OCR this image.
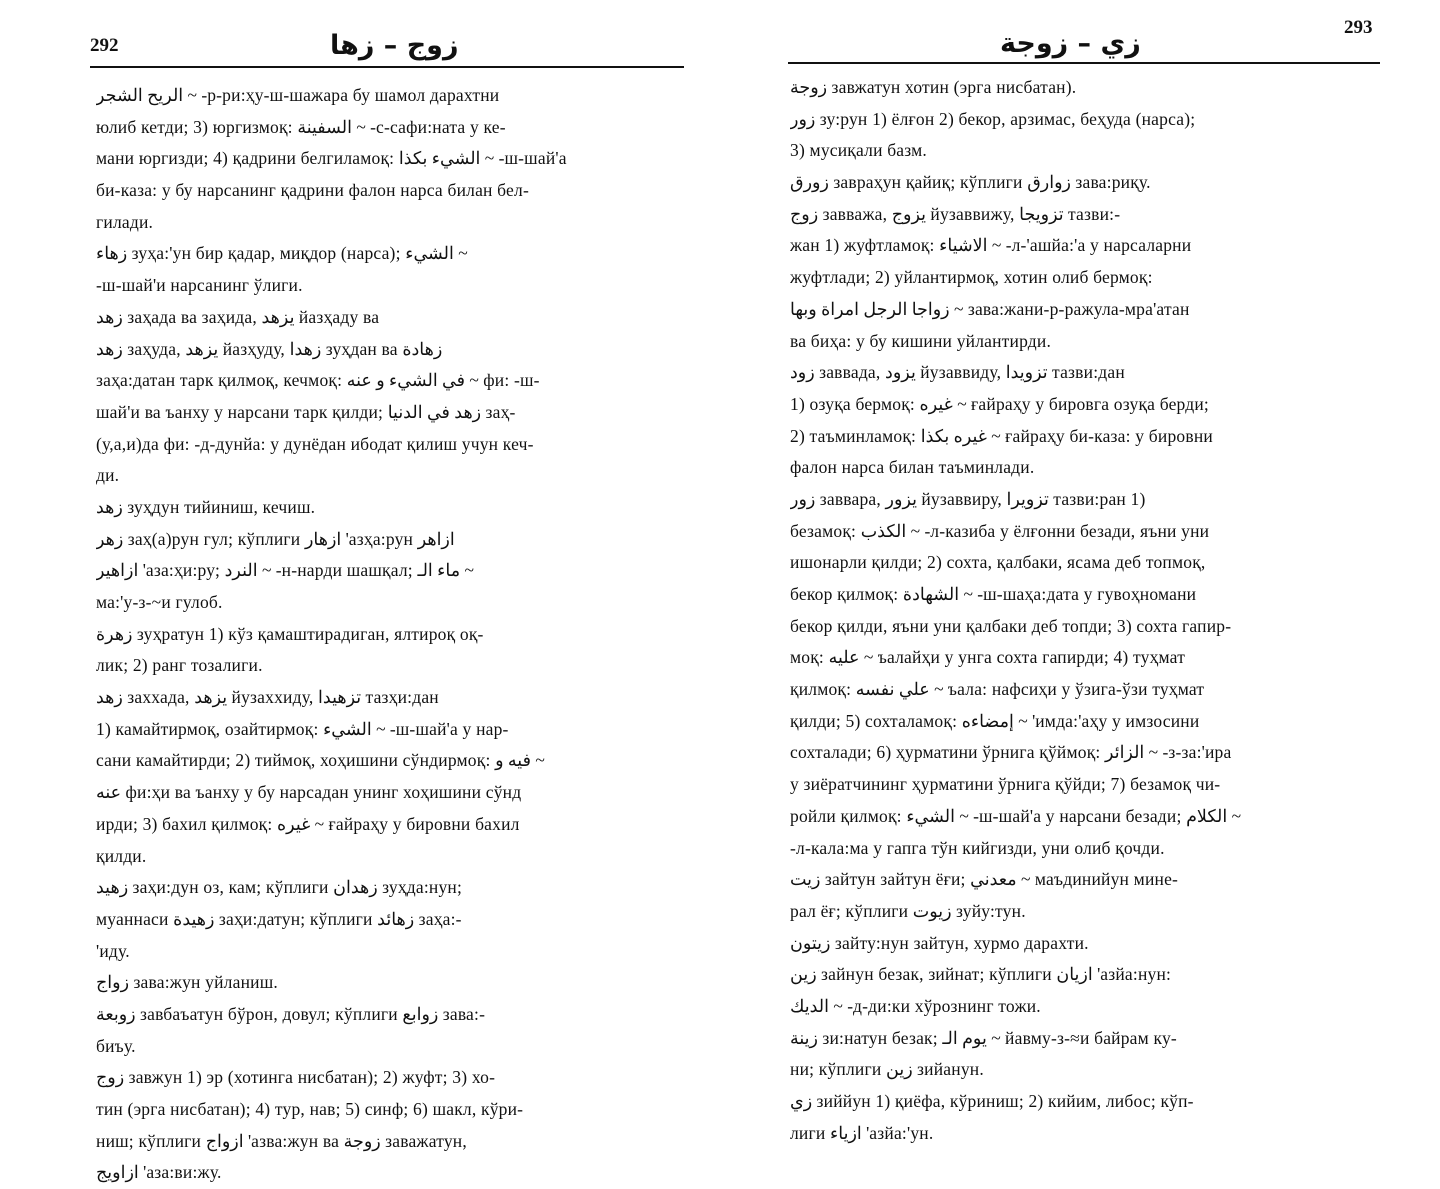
292	زوج – زها
الريح الشجر ~ -р-ри:ҳу-ш-шажара бу шамол дарахтни
юлиб кетди; 3) юргизмоқ: السفينة ~ -с-сафи:ната у ке-
мани юргизди; 4) қадрини белгиламоқ: الشيء بكذا ~ -ш-шай'а
би-каза: у бу нарсанинг қадрини фалон нарса билан бел-
гилади.
زهاء зуҳа:'ун бир қадар, миқдор (нарса); الشيء ~
-ш-шай'и нарсанинг ўлиги.
زهد заҳада ва заҳида, يزهد йазҳаду ва
زهد заҳуда, يزهد йазҳуду, زهدا зуҳдан ва زهادة
заҳа:датан тарк қилмоқ, кечмоқ: في الشيء و عنه ~ фи: -ш-
шай'и ва ъанху у нарсани тарк қилди; زهد في الدنيا заҳ-
(у,а,и)да фи: -д-дунйа: у дунёдан ибодат қилиш учун кеч-
ди.
زهد зуҳдун тийиниш, кечиш.
زهر заҳ(а)рун гул; кўплиги ازهار 'азҳа:рун ازاهر
ازاهير 'аза:ҳи:ру; النرد ~ -н-нарди шашқал; ماء الـ ~
ма:'у-з-~и гулоб.
زهرة зуҳратун 1) кўз қамаштирадиган, ялтироқ оқ-
лик; 2) ранг тозалиги.
زهد заххада, يزهد йузаххиду, تزهيدا тазҳи:дан
1) камайтирмоқ, озайтирмоқ: الشيء ~ -ш-шай'а у нар-
сани камайтирди; 2) тиймоқ, хоҳишини сўндирмоқ: فيه و ~
عنه фи:ҳи ва ъанху у бу нарсадан унинг хоҳишини сўнд
ирди; 3) бахил қилмоқ: غيره ~ ғайраҳу у бировни бахил
қилди.
زهيد заҳи:дун оз, кам; кўплиги زهدان зуҳда:нун;
муаннаси زهيدة заҳи:датун; кўплиги زهائد заҳа:-
'иду.
زواج зава:жун уйланиш.
زوبعة завбаъатун бўрон, довул; кўплиги زوابع зава:-
биъу.
زوج завжун 1) эр (хотинга нисбатан); 2) жуфт; 3) хо-
тин (эрга нисбатан); 4) тур, нав; 5) синф; 6) шакл, кўри-
ниш; кўплиги ازواج 'азва:жун ва زوجة заважатун,
ازاويج 'аза:ви:жу.
293
زي – زوجة
زوجة завжатун хотин (эрга нисбатан).
زور зу:рун 1) ёлғон 2) бекор, арзимас, беҳуда (нарса);
3) мусиқали базм.
زورق завраҳун қайиқ; кўплиги زوارق зава:риқу.
زوج завважа, يزوج йузаввижу, تزويجا тазви:-
жан 1) жуфтламоқ: الاشياء ~ -л-'ашйа:'а у нарсаларни
жуфтлади; 2) уйлантирмоқ, хотин олиб бермоқ:
زواجا الرجل امراة وبها ~ зава:жани-р-ражула-мра'атан
ва биҳа: у бу кишини уйлантирди.
زود заввада, يزود йузаввиду, تزويدا тазви:дан
1) озуқа бермоқ: غيره ~ ғайраҳу у бировга озуқа берди;
2) таъминламоқ: غيره بكذا ~ ғайраҳу би-каза: у бировни
фалон нарса билан таъминлади.
زور заввара, يزور йузаввиру, تزويرا тазви:ран 1)
безамоқ: الكذب ~ -л-казиба у ёлғонни безади, яъни уни
ишонарли қилди; 2) сохта, қалбаки, ясама деб топмоқ,
бекор қилмоқ: الشهادة ~ -ш-шаҳа:дата у гувоҳномани
бекор қилди, яъни уни қалбаки деб топди; 3) сохта гапир-
моқ: عليه ~ ъалайҳи у унга сохта гапирди; 4) туҳмат
қилмоқ: علي نفسه ~ ъала: нафсиҳи у ўзига-ўзи туҳмат
қилди; 5) сохталамоқ: إمضاءه ~ 'имда:'аҳу у имзосини
сохталади; 6) ҳурматини ўрнига қўймоқ: الزائر ~ -з-за:'ира
у зиёратчининг ҳурматини ўрнига қўйди; 7) безамоқ чи-
ройли қилмоқ: الشيء ~ -ш-шай'а у нарсани безади; الكلام ~
-л-кала:ма у гапга тўн кийгизди, уни олиб қочди.
زيت зайтун зайтун ёғи; معدني ~ маъдинийун мине-
рал ёғ; кўплиги زيوت зуйу:тун.
زيتون зайту:нун зайтун, хурмо дарахти.
زين зайнун безак, зийнат; кўплиги ازيان 'азйа:нун:
الديك ~ -д-ди:ки хўрознинг тожи.
زينة зи:натун безак; يوم الـ ~ йавму-з-≈и байрам ку-
ни; кўплиги زين зийанун.
زي зиййун 1) қиёфа, кўриниш; 2) кийим, либос; кўп-
лиги ازياء 'азйа:'ун.
